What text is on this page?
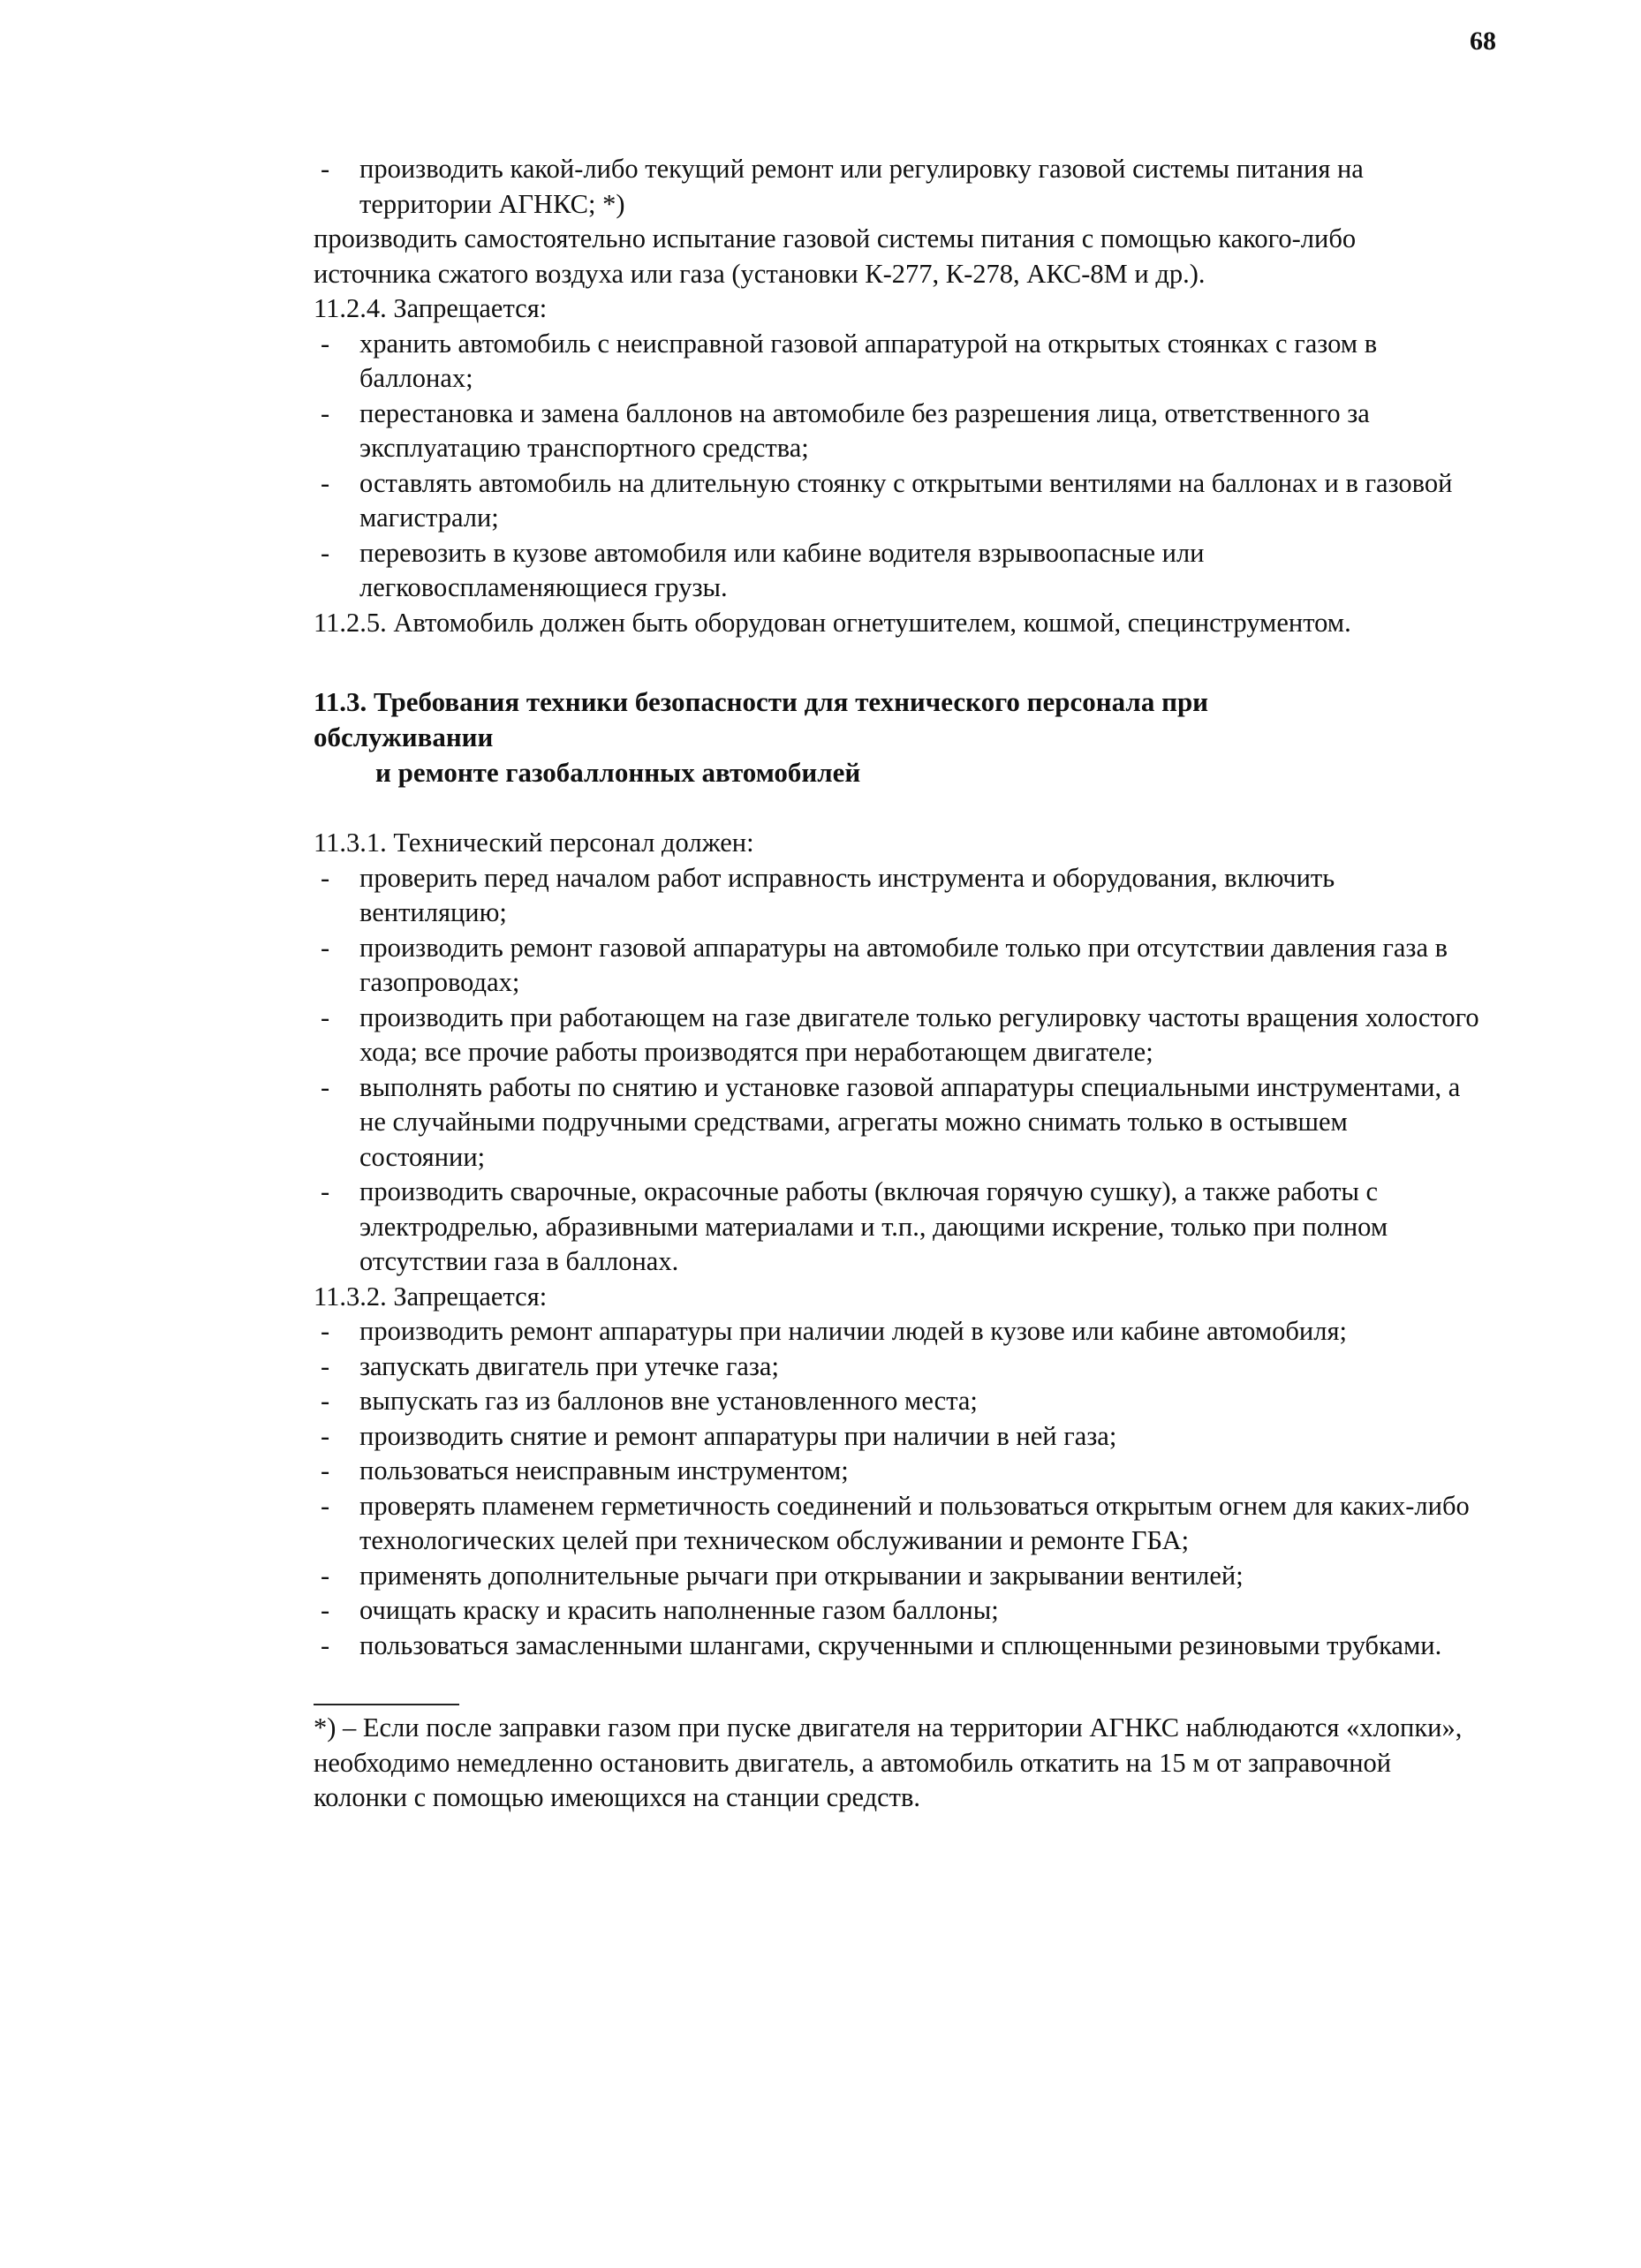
68
- производить какой-либо текущий ремонт или регулировку газовой системы питания на территории АГНКС; *)
производить самостоятельно испытание газовой системы питания с помощью какого-либо источника сжатого воздуха или газа (установки К-277, К-278, АКС-8М и др.).
11.2.4. Запрещается:
- хранить автомобиль с неисправной газовой аппаратурой на открытых стоянках с газом в баллонах;
- перестановка и замена баллонов на автомобиле без разрешения лица, ответственного за эксплуатацию транспортного средства;
- оставлять автомобиль на длительную стоянку с открытыми вентилями на баллонах и в газовой магистрали;
- перевозить в кузове автомобиля или кабине водителя взрывоопасные или легковоспламеняющиеся грузы.
11.2.5. Автомобиль должен быть оборудован огнетушителем, кошмой, специнструментом.
11.3. Требования техники безопасности для технического персонала при
обслуживании
и ремонте газобаллонных автомобилей
11.3.1. Технический персонал должен:
- проверить перед началом работ исправность инструмента и оборудования, включить вентиляцию;
- производить ремонт газовой аппаратуры на автомобиле только при отсутствии давления газа в газопроводах;
- производить при работающем на газе двигателе только регулировку частоты вращения холостого хода; все прочие работы производятся при неработающем двигателе;
- выполнять работы по снятию и установке газовой аппаратуры специальными инструментами, а не случайными подручными средствами, агрегаты можно снимать только в остывшем состоянии;
- производить сварочные, окрасочные работы (включая горячую сушку), а также работы с электродрелью, абразивными материалами и т.п., дающими искрение, только при полном отсутствии газа в баллонах.
11.3.2. Запрещается:
- производить ремонт аппаратуры при наличии людей в кузове или кабине автомобиля;
- запускать двигатель при утечке газа;
- выпускать газ из баллонов вне установленного места;
- производить снятие и ремонт аппаратуры при наличии в ней газа;
- пользоваться неисправным инструментом;
- проверять пламенем герметичность соединений и пользоваться открытым огнем для каких-либо технологических целей при техническом обслуживании и ремонте ГБА;
- применять дополнительные рычаги при открывании и закрывании вентилей;
- очищать краску и красить наполненные газом баллоны;
- пользоваться замасленными шлангами, скрученными и сплющенными резиновыми трубками.
*) – Если после заправки газом при пуске двигателя на территории АГНКС наблюдаются «хлопки», необходимо немедленно остановить двигатель, а автомобиль откатить на 15 м от заправочной колонки с помощью имеющихся на станции средств.
